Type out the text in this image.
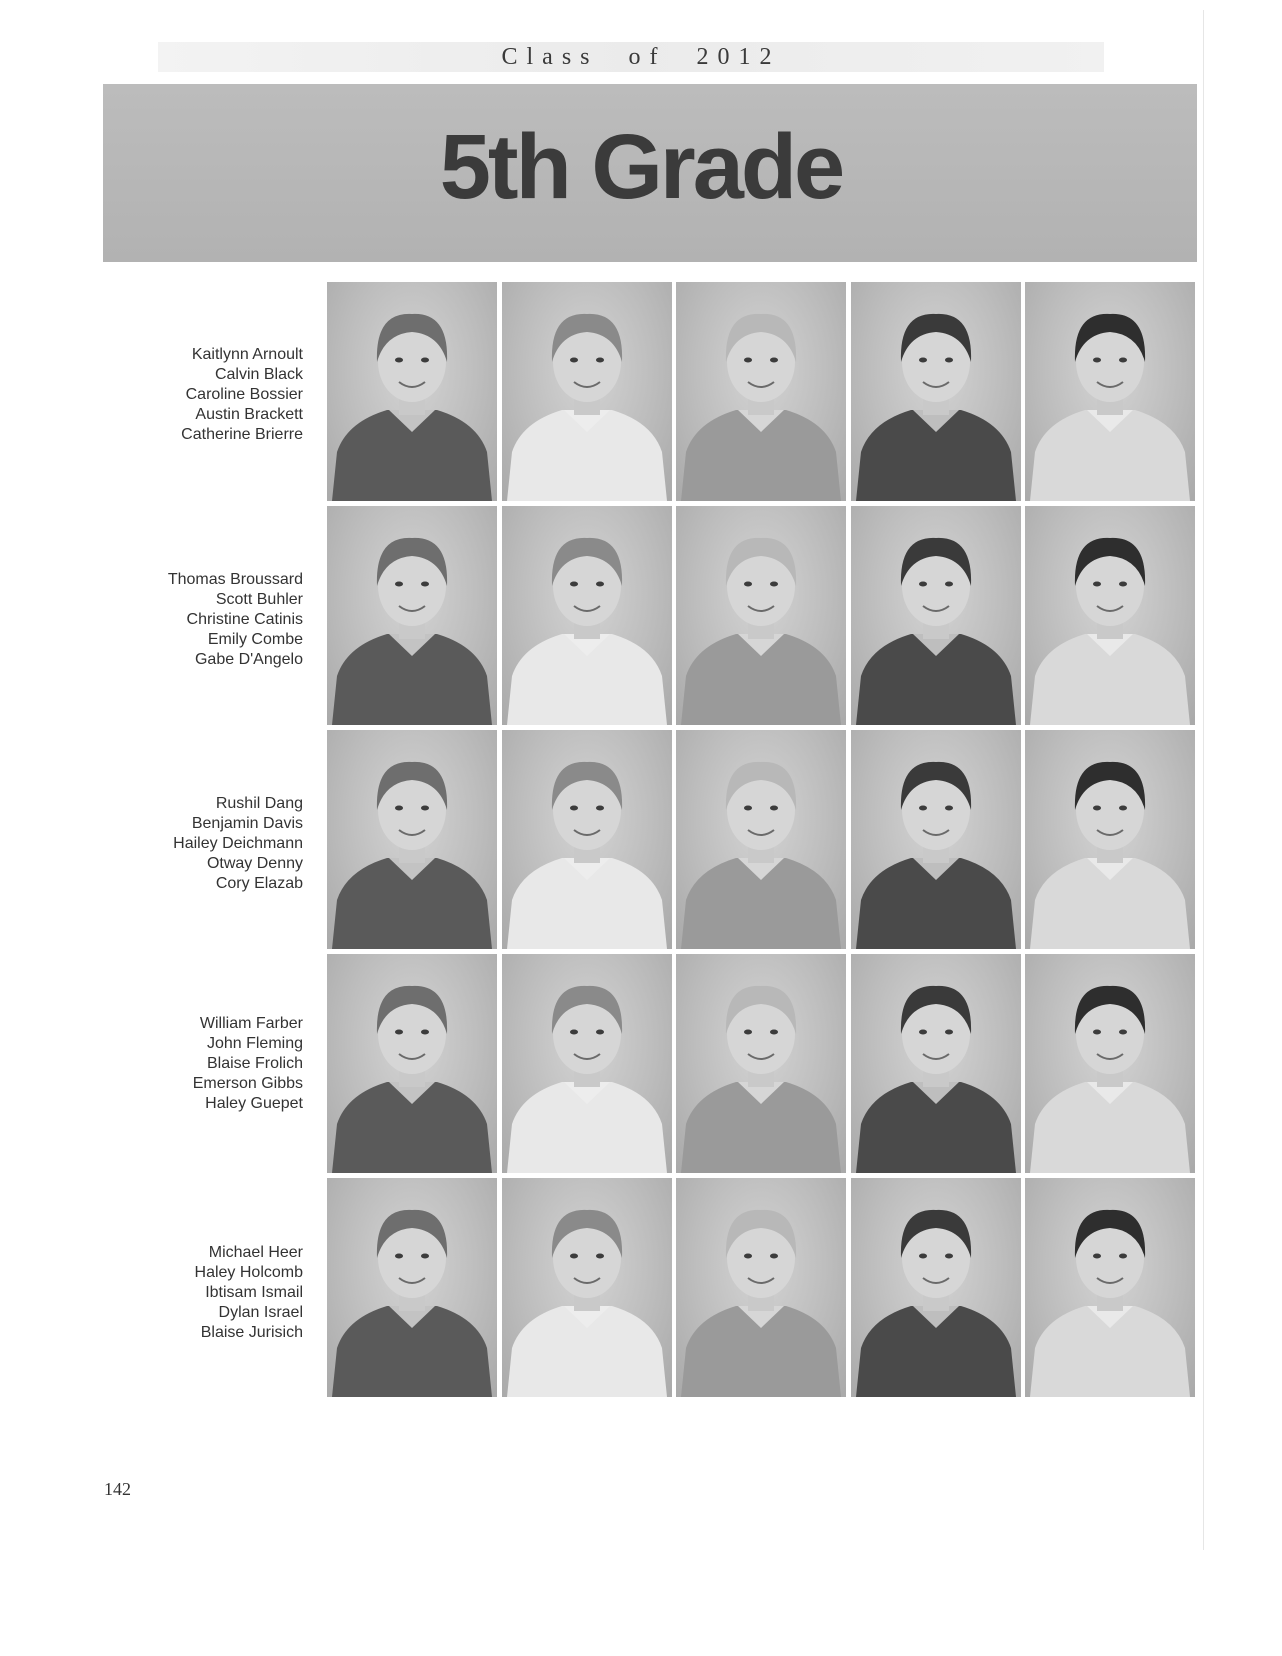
Class  of  2012
5th Grade
Kaitlynn Arnoult
Calvin Black
Caroline Bossier
Austin Brackett
Catherine Brierre
Thomas Broussard
Scott Buhler
Christine Catinis
Emily Combe
Gabe D'Angelo
Rushil Dang
Benjamin Davis
Hailey Deichmann
Otway Denny
Cory Elazab
William Farber
John Fleming
Blaise Frolich
Emerson Gibbs
Haley Guepet
Michael Heer
Haley Holcomb
Ibtisam Ismail
Dylan Israel
Blaise Jurisich
142
